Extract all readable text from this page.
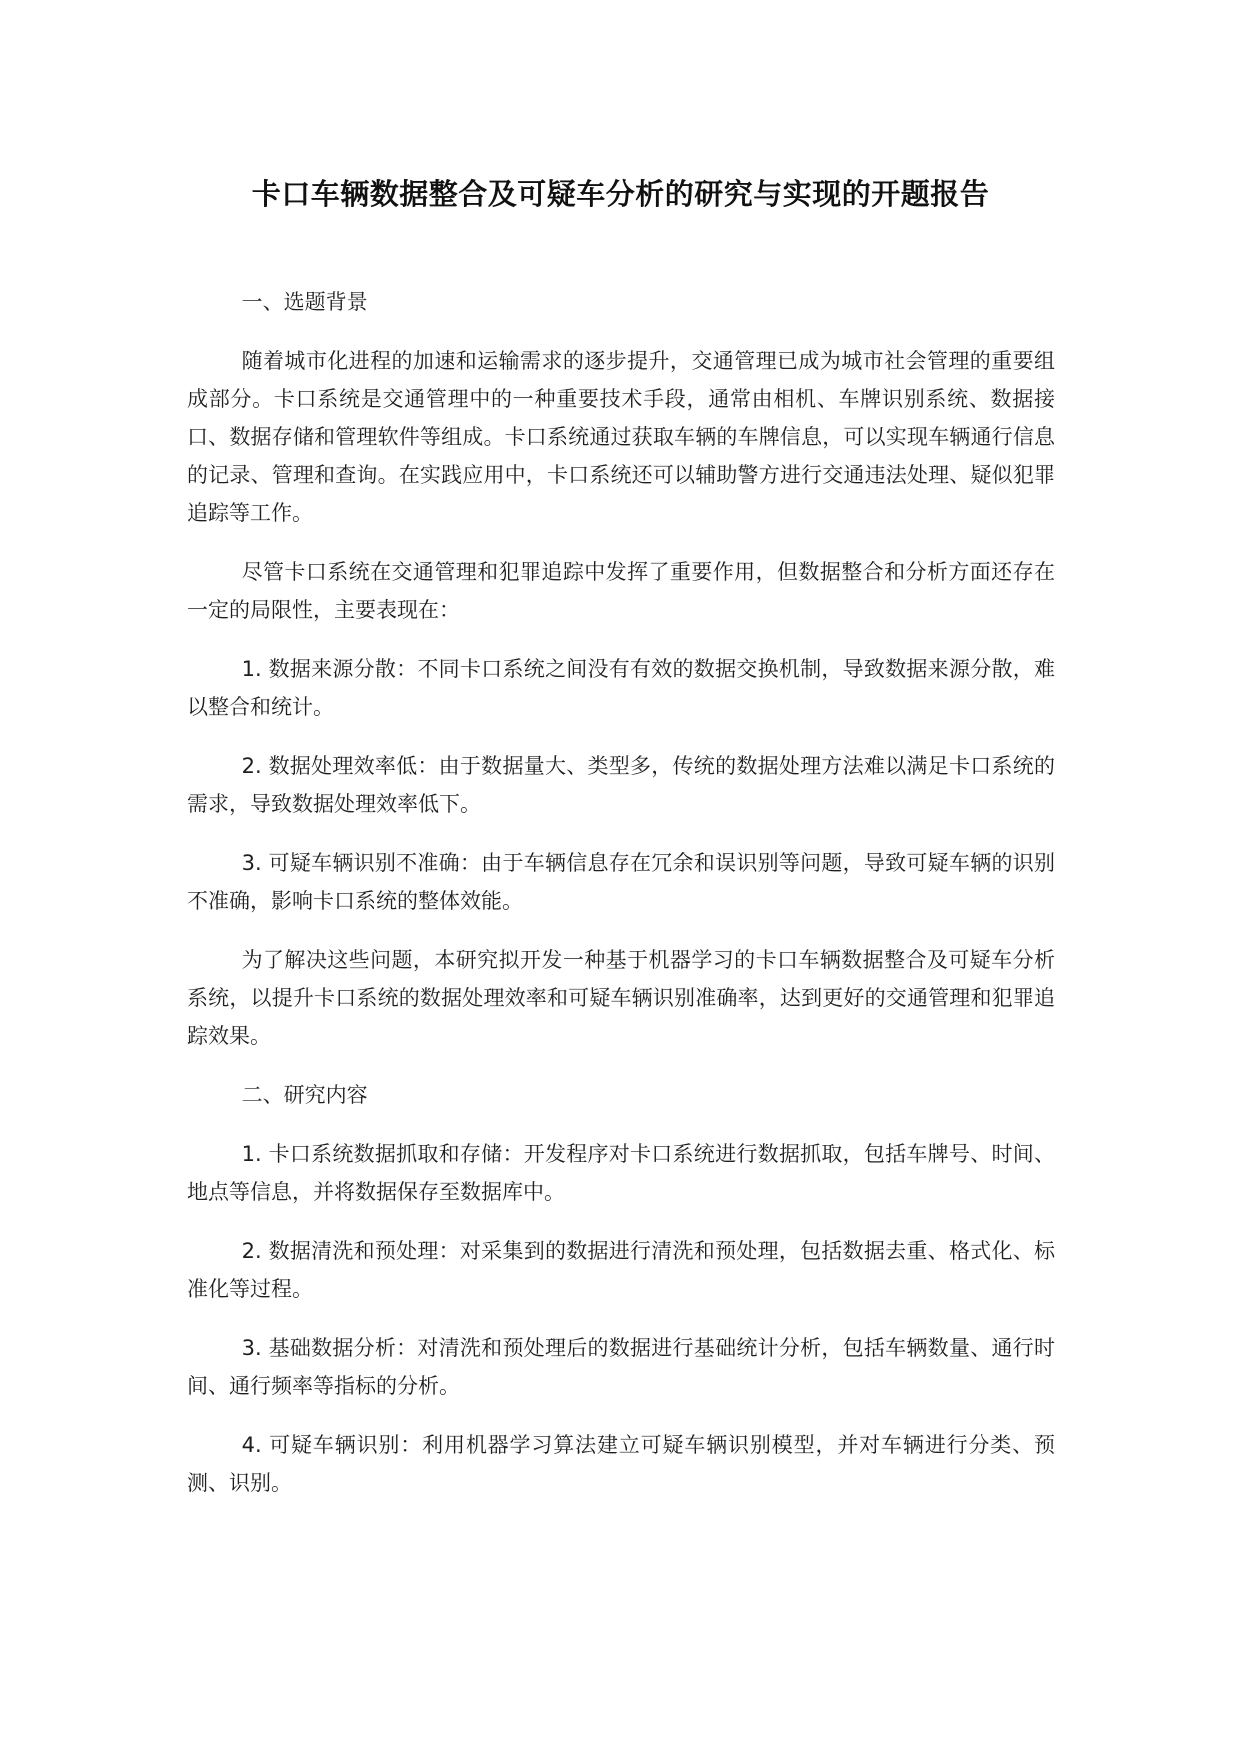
卡口车辆数据整合及可疑车分析的研究与实现的开题报告

一、选题背景

随着城市化进程的加速和运输需求的逐步提升，交通管理已成为城市社会管理的重要组成部分。卡口系统是交通管理中的一种重要技术手段，通常由相机、车牌识别系统、数据接口、数据存储和管理软件等组成。卡口系统通过获取车辆的车牌信息，可以实现车辆通行信息的记录、管理和查询。在实践应用中，卡口系统还可以辅助警方进行交通违法处理、疑似犯罪追踪等工作。

尽管卡口系统在交通管理和犯罪追踪中发挥了重要作用，但数据整合和分析方面还存在一定的局限性，主要表现在：

1. 数据来源分散：不同卡口系统之间没有有效的数据交换机制，导致数据来源分散，难以整合和统计。

2. 数据处理效率低：由于数据量大、类型多，传统的数据处理方法难以满足卡口系统的需求，导致数据处理效率低下。

3. 可疑车辆识别不准确：由于车辆信息存在冗余和误识别等问题，导致可疑车辆的识别不准确，影响卡口系统的整体效能。

为了解决这些问题，本研究拟开发一种基于机器学习的卡口车辆数据整合及可疑车分析系统，以提升卡口系统的数据处理效率和可疑车辆识别准确率，达到更好的交通管理和犯罪追踪效果。

二、研究内容

1. 卡口系统数据抓取和存储：开发程序对卡口系统进行数据抓取，包括车牌号、时间、地点等信息，并将数据保存至数据库中。

2. 数据清洗和预处理：对采集到的数据进行清洗和预处理，包括数据去重、格式化、标准化等过程。

3. 基础数据分析：对清洗和预处理后的数据进行基础统计分析，包括车辆数量、通行时间、通行频率等指标的分析。

4. 可疑车辆识别：利用机器学习算法建立可疑车辆识别模型，并对车辆进行分类、预测、识别。
